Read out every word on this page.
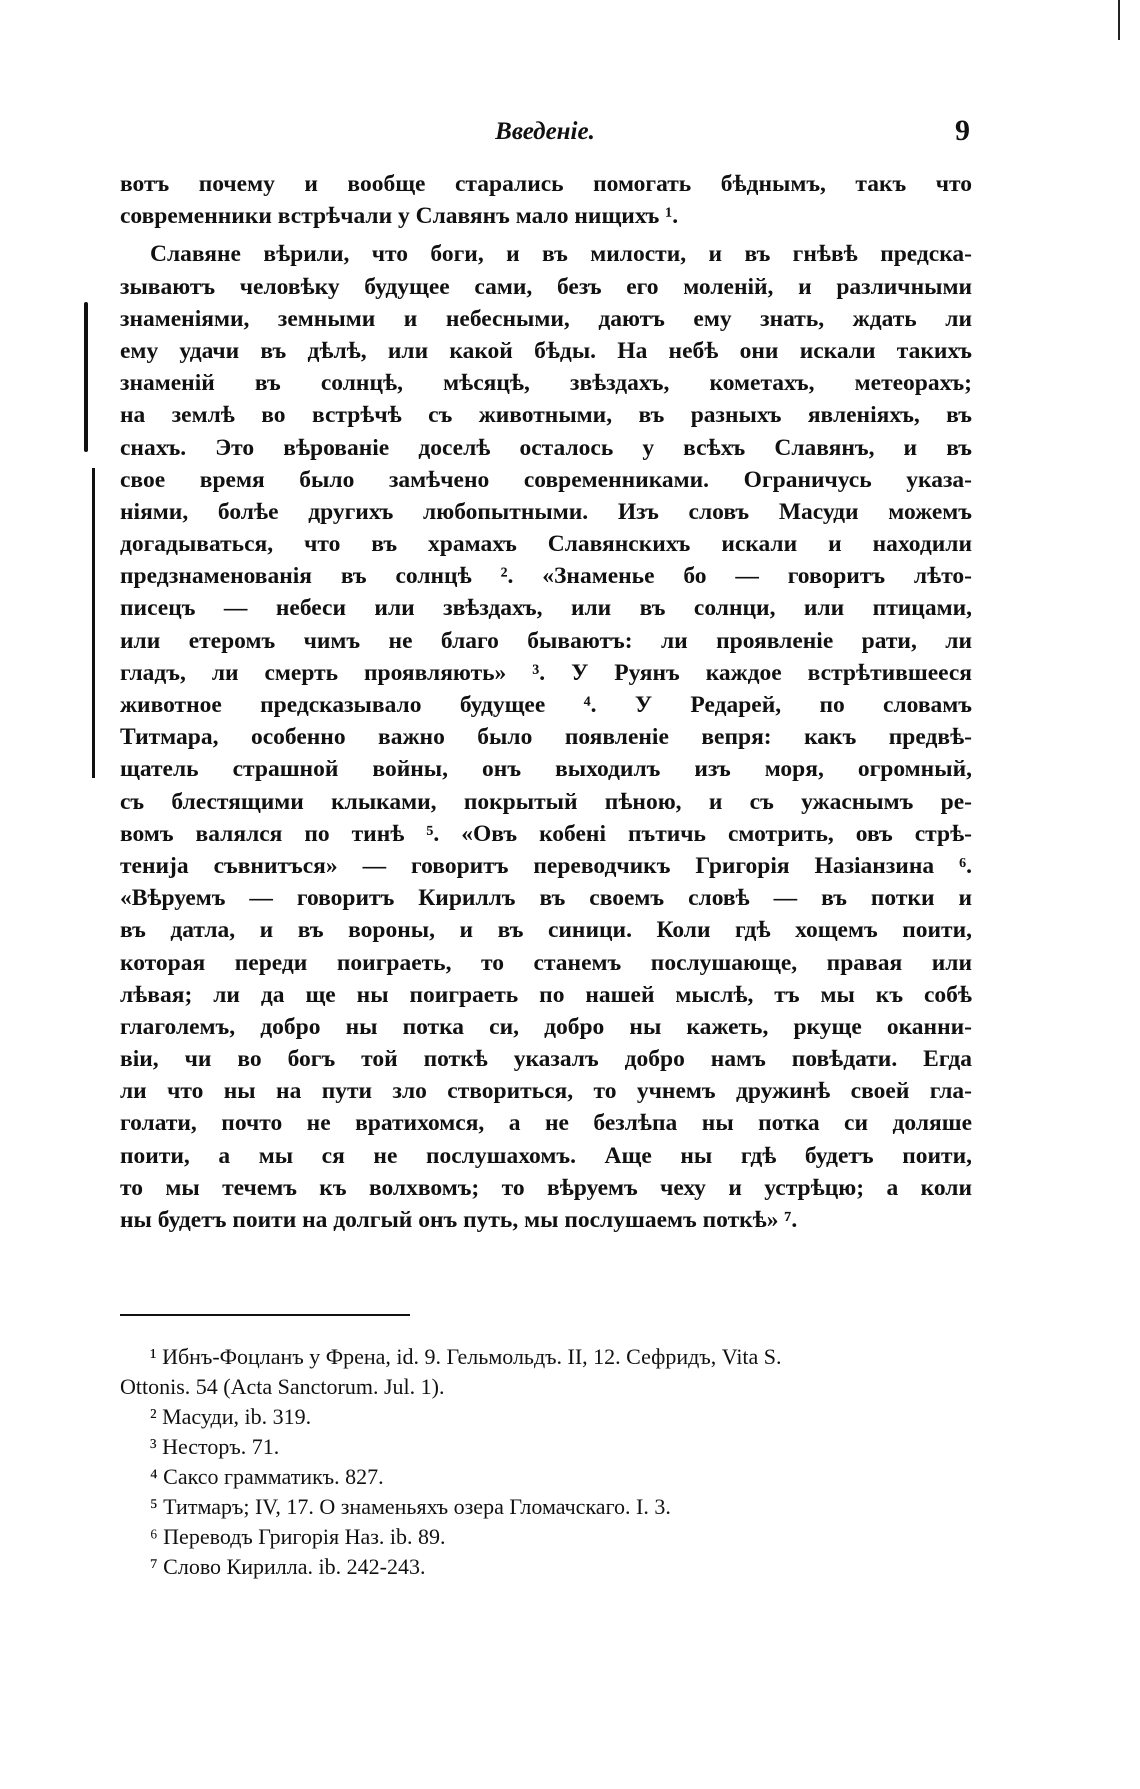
Введеніе.	9
вотъ почему и вообще старались помогать бѣднымъ, такъ что
современники встрѣчали у Славянъ мало нищихъ ¹.
Славяне вѣрили, что боги, и въ милости, и въ гнѣвѣ предска-
зываютъ человѣку будущее сами, безъ его моленій, и различными
знаменіями, земными и небесными, даютъ ему знать, ждать ли
ему удачи въ дѣлѣ, или какой бѣды. На небѣ они искали такихъ
знаменій въ солнцѣ, мѣсяцѣ, звѣздахъ, кометахъ, метеорахъ;
на землѣ во встрѣчѣ съ животными, въ разныхъ явленіяхъ, въ
снахъ. Это вѣрованіе доселѣ осталось у всѣхъ Славянъ, и въ
свое время было замѣчено современниками. Ограничусь указа-
ніями, болѣе другихъ любопытными. Изъ словъ Масуди можемъ
догадываться, что въ храмахъ Славянскихъ искали и находили
предзнаменованія въ солнцѣ ². «Знаменье бо — говоритъ лѣто-
писецъ — небеси или звѣздахъ, или въ солнци, или птицами,
или етеромъ чимъ не благо бываютъ: ли проявленіе рати, ли
гладъ, ли смерть проявляють» ³. У Руянъ каждое встрѣтившееся
животное предсказывало будущее ⁴. У Редарей, по словамъ
Титмара, особенно важно было появленіе вепря: какъ предвѣ-
щатель страшной войны, онъ выходилъ изъ моря, огромный,
съ блестящими клыками, покрытый пѣною, и съ ужаснымъ ре-
вомъ валялся по тинѣ ⁵. «Овъ кобені пътичь смотрить, овъ стрѣ-
тенија съвнитъся» — говоритъ переводчикъ Григорія Назіанзина ⁶.
«Вѣруемъ — говоритъ Кириллъ въ своемъ словѣ — въ потки и
въ датла, и въ вороны, и въ синици. Коли гдѣ хощемъ поити,
которая переди поиграеть, то станемъ послушающе, правая или
лѣвая; ли да ще ны поиграеть по нашей мыслѣ, тъ мы къ собѣ
глаголемъ, добро ны потка си, добро ны кажеть, ркуще оканни-
віи, чи во богъ той поткѣ указалъ добро намъ повѣдати. Егда
ли что ны на пути зло створиться, то учнемъ дружинѣ своей гла-
голати, почто не вратихомся, а не безлѣпа ны потка си доляше
поити, а мы ся не послушахомъ. Аще ны гдѣ будетъ поити,
то мы течемъ къ волхвомъ; то вѣруемъ чеху и устрѣцю; а коли
ны будетъ поити на долгый онъ путь, мы послушаемъ поткѣ» ⁷.
¹ Ибнъ-Фоцланъ у Френа, id. 9. Гельмольдъ. II, 12. Сефридъ, Vita S.
Ottonis. 54 (Acta Sanctorum. Jul. 1).
² Масуди, ib. 319.
³ Несторъ. 71.
⁴ Саксо грамматикъ. 827.
⁵ Титмаръ; IV, 17. О знаменьяхъ озера Гломачскаго. I. 3.
⁶ Переводъ Григорія Наз. ib. 89.
⁷ Слово Кирилла. ib. 242-243.
